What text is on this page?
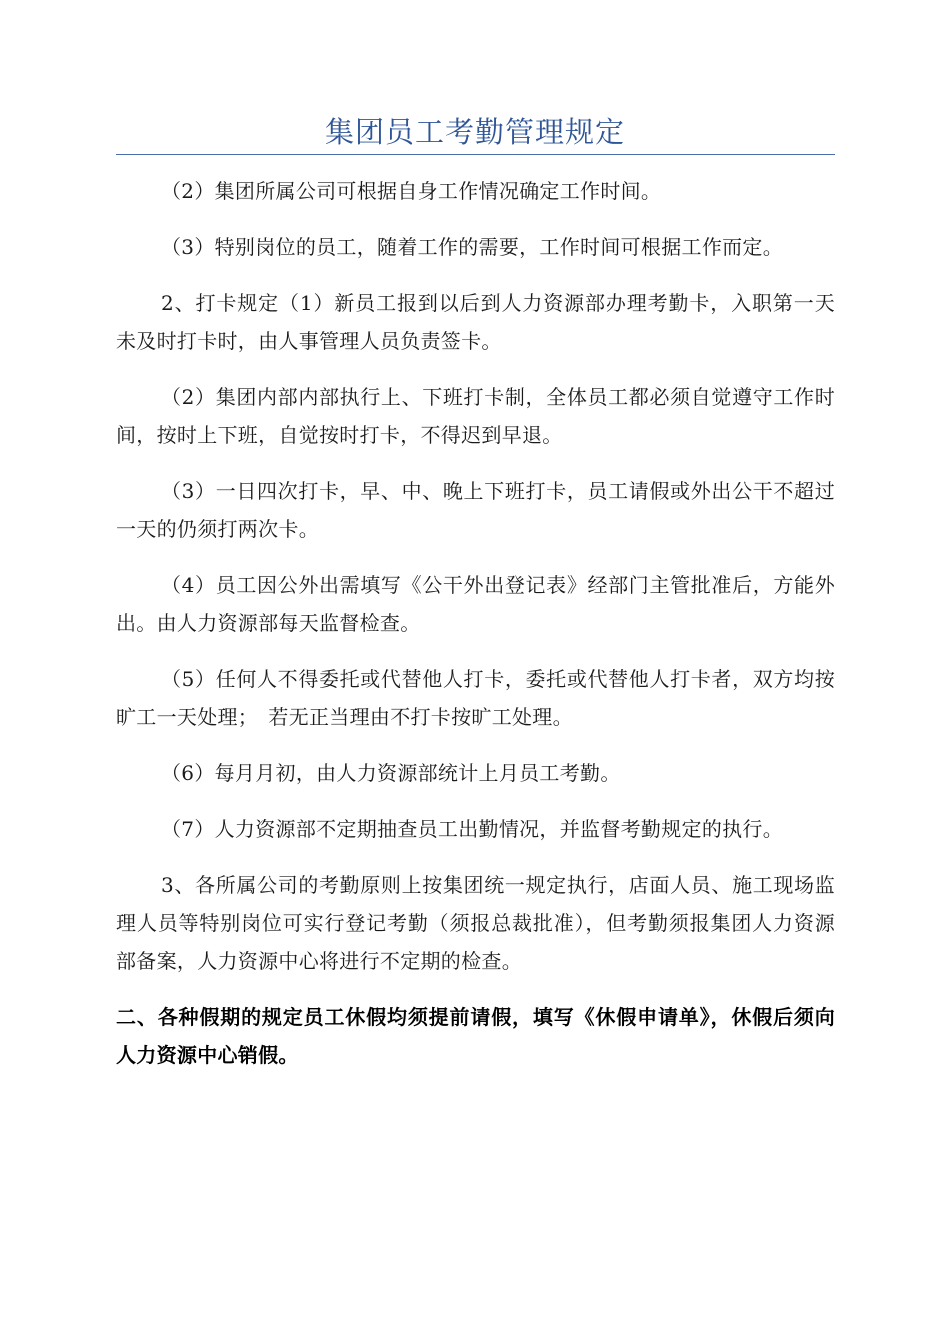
集团员工考勤管理规定

（2）集团所属公司可根据自身工作情况确定工作时间。

（3）特别岗位的员工，随着工作的需要，工作时间可根据工作而定。

2、打卡规定（1）新员工报到以后到人力资源部办理考勤卡，入职第一天未及时打卡时，由人事管理人员负责签卡。

（2）集团内部内部执行上、下班打卡制，全体员工都必须自觉遵守工作时间，按时上下班，自觉按时打卡，不得迟到早退。

（3）一日四次打卡，早、中、晚上下班打卡，员工请假或外出公干不超过一天的仍须打两次卡。

（4）员工因公外出需填写《公干外出登记表》经部门主管批准后，方能外出。由人力资源部每天监督检查。

（5）任何人不得委托或代替他人打卡，委托或代替他人打卡者，双方均按旷工一天处理；　若无正当理由不打卡按旷工处理。

（6）每月月初，由人力资源部统计上月员工考勤。

（7）人力资源部不定期抽查员工出勤情况，并监督考勤规定的执行。

3、各所属公司的考勤原则上按集团统一规定执行，店面人员、施工现场监理人员等特别岗位可实行登记考勤（须报总裁批准），但考勤须报集团人力资源部备案，人力资源中心将进行不定期的检查。

二、各种假期的规定员工休假均须提前请假，填写《休假申请单》，休假后须向人力资源中心销假。
